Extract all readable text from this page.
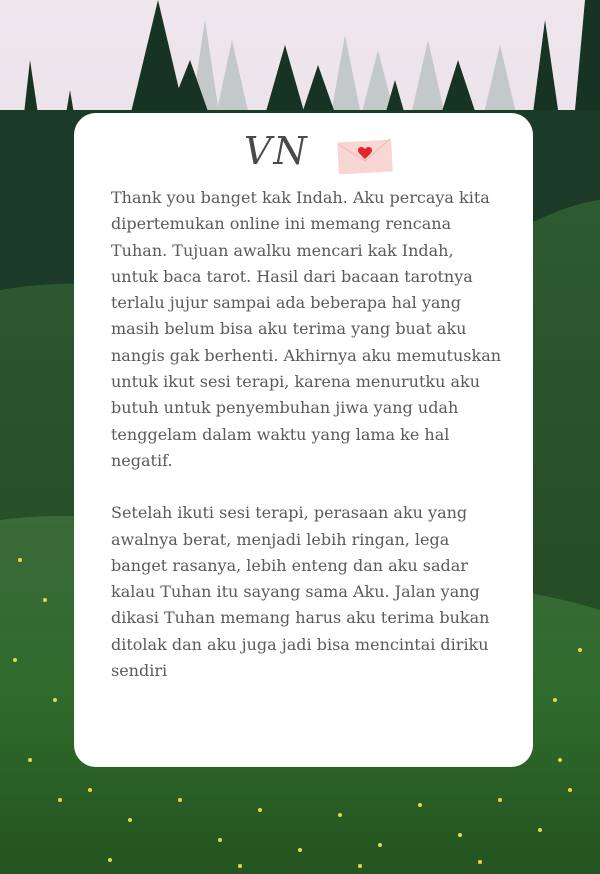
VN

Thank you banget kak Indah. Aku percaya kita dipertemukan online ini memang rencana Tuhan. Tujuan awalku mencari kak Indah, untuk baca tarot. Hasil dari bacaan tarotnya terlalu jujur sampai ada beberapa hal yang masih belum bisa aku terima yang buat aku nangis gak berhenti. Akhirnya aku memutuskan untuk ikut sesi terapi, karena menurutku aku butuh untuk penyembuhan jiwa yang udah tenggelam dalam waktu yang lama ke hal negatif.

Setelah ikuti sesi terapi, perasaan aku yang awalnya berat, menjadi lebih ringan, lega banget rasanya, lebih enteng dan aku sadar kalau Tuhan itu sayang sama Aku. Jalan yang dikasi Tuhan memang harus aku terima bukan ditolak dan aku juga jadi bisa mencintai diriku sendiri
